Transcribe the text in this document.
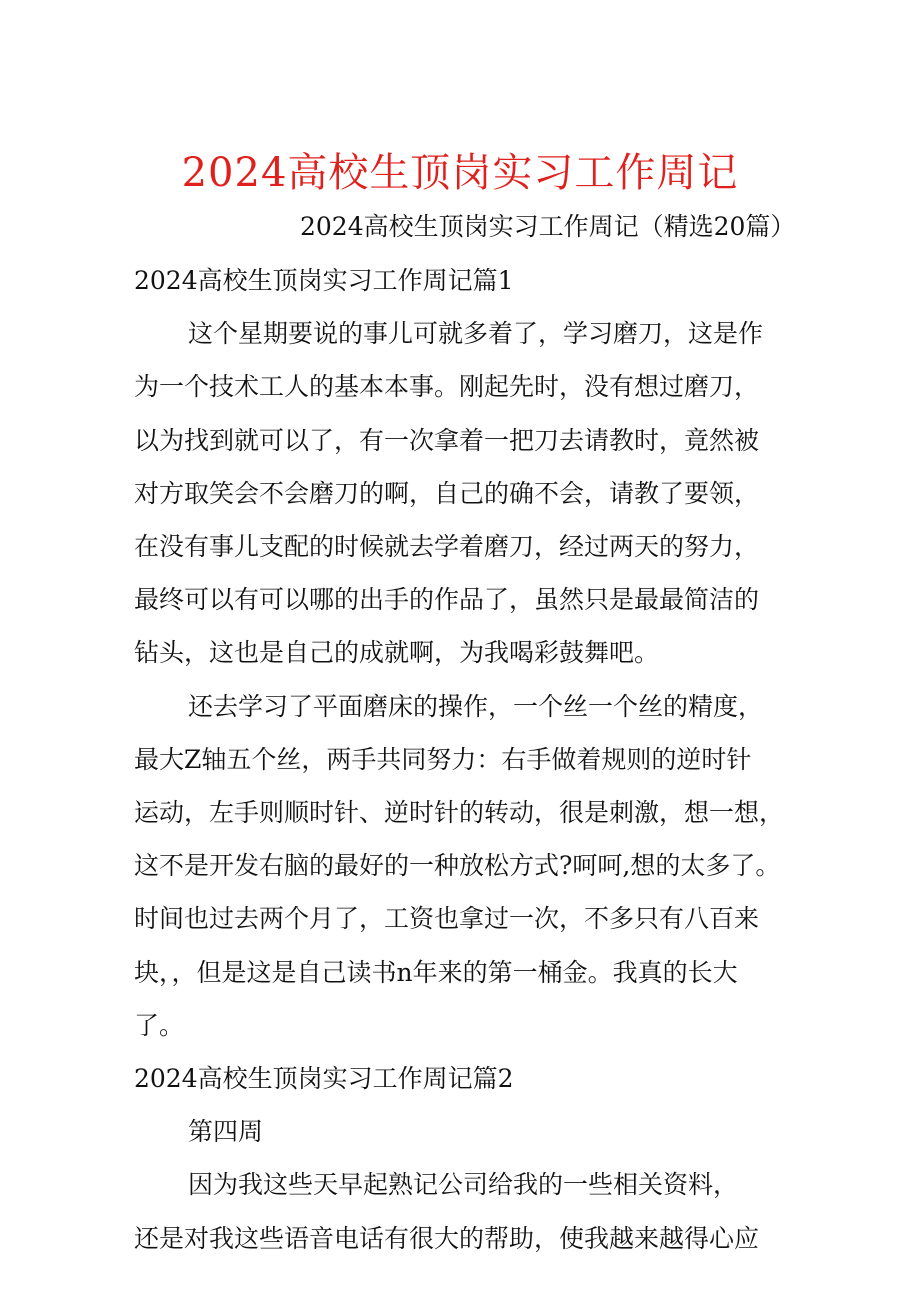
2024高校生顶岗实习工作周记
2024高校生顶岗实习工作周记（精选20篇）
2024高校生顶岗实习工作周记篇1
这个星期要说的事儿可就多着了，学习磨刀，这是作
为一个技术工人的基本本事。刚起先时，没有想过磨刀，
以为找到就可以了，有一次拿着一把刀去请教时，竟然被
对方取笑会不会磨刀的啊，自己的确不会，请教了要领，
在没有事儿支配的时候就去学着磨刀，经过两天的努力，
最终可以有可以哪的出手的作品了，虽然只是最最简洁的
钻头，这也是自己的成就啊，为我喝彩鼓舞吧。
还去学习了平面磨床的操作，一个丝一个丝的精度，
最大Z轴五个丝，两手共同努力：右手做着规则的逆时针
运动，左手则顺时针、逆时针的转动，很是刺激，想一想，
这不是开发右脑的最好的一种放松方式?呵呵,想的太多了。
时间也过去两个月了，工资也拿过一次，不多只有八百来
块，，但是这是自己读书n年来的第一桶金。我真的长大
了。
2024高校生顶岗实习工作周记篇2
第四周
因为我这些天早起熟记公司给我的一些相关资料，
还是对我这些语音电话有很大的帮助，使我越来越得心应
